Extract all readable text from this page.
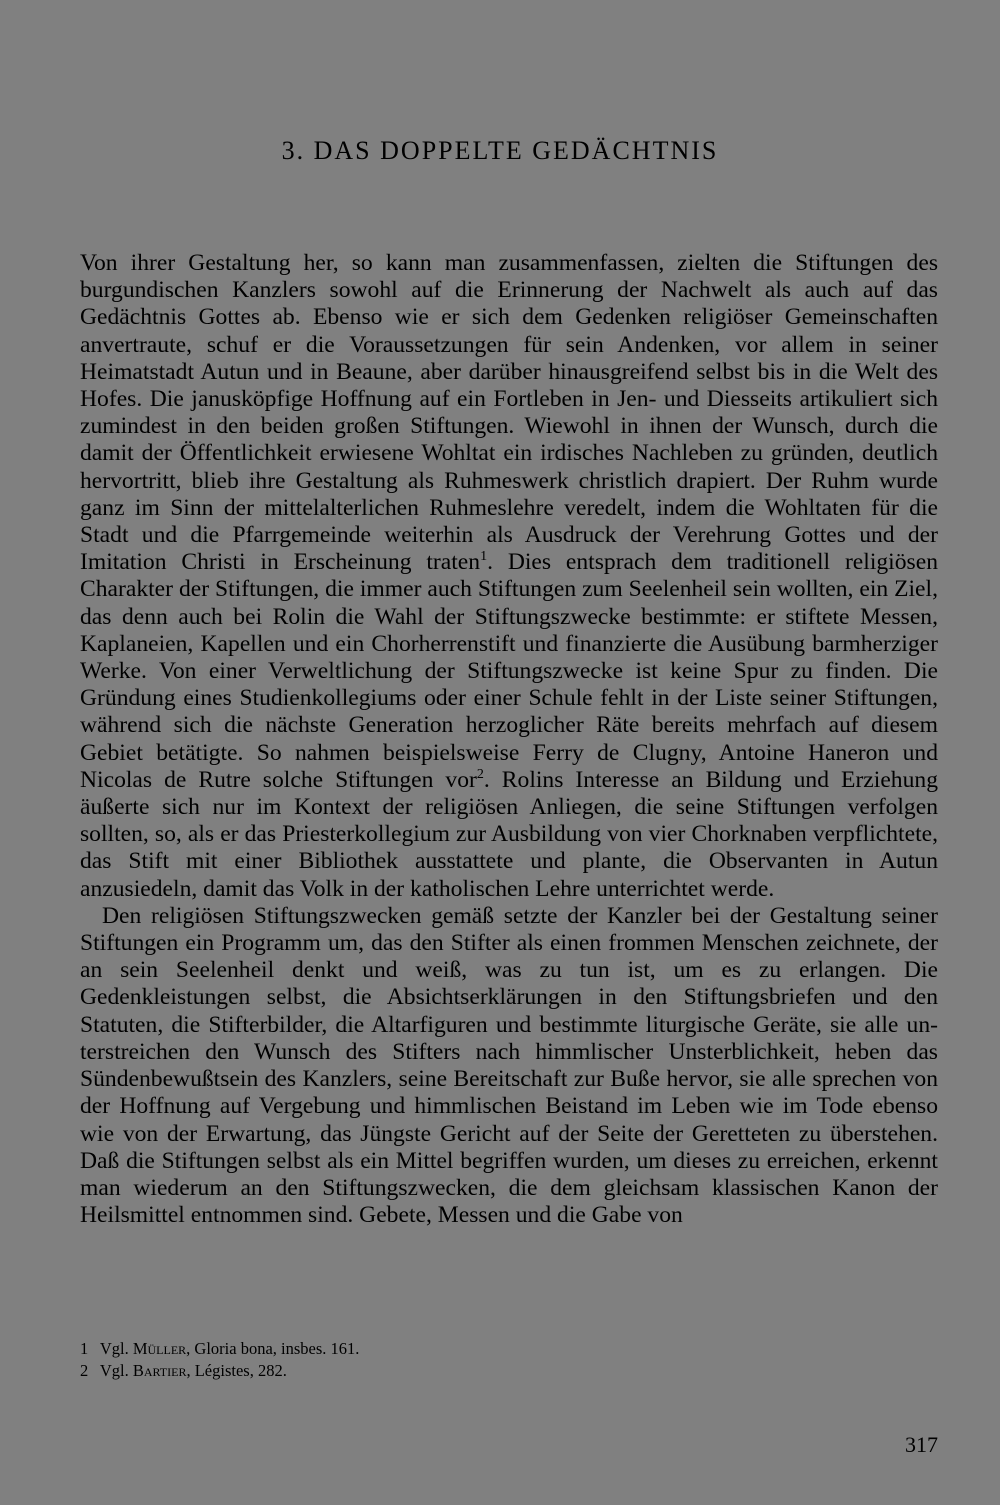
3. DAS DOPPELTE GEDÄCHTNIS

Von ihrer Gestaltung her, so kann man zusammenfassen, zielten die Stiftungen des burgundischen Kanzlers sowohl auf die Erinnerung der Nachwelt als auch auf das Gedächtnis Gottes ab. Ebenso wie er sich dem Gedenken religiöser Gemeinschaften anvertraute, schuf er die Voraussetzungen für sein Andenken, vor allem in seiner Heimatstadt Autun und in Beaune, aber darüber hinausgreifend selbst bis in die Welt des Hofes. Die janusköpfige Hoffnung auf ein Fortleben in Jen- und Diesseits artikuliert sich zumindest in den beiden großen Stiftungen. Wiewohl in ihnen der Wunsch, durch die damit der Öffentlichkeit erwiesene Wohltat ein irdisches Nachleben zu gründen, deutlich hervortritt, blieb ihre Gestaltung als Ruhmeswerk christlich drapiert. Der Ruhm wurde ganz im Sinn der mittelalterlichen Ruhmeslehre veredelt, indem die Wohltaten für die Stadt und die Pfarrgemeinde weiterhin als Ausdruck der Verehrung Gottes und der Imitation Christi in Erscheinung traten$^1$. Dies entsprach dem traditionell religiösen Charakter der Stiftungen, die immer auch Stiftungen zum Seelenheil sein wollten, ein Ziel, das denn auch bei Rolin die Wahl der Stiftungszwecke bestimmte: er stiftete Messen, Kaplaneien, Kapellen und ein Chorherrenstift und finanzierte die Ausübung barmherziger Werke. Von einer Verweltlichung der Stiftungszwecke ist keine Spur zu finden. Die Gründung eines Studienkollegiums oder einer Schule fehlt in der Liste seiner Stiftungen, während sich die nächste Generation herzoglicher Räte bereits mehrfach auf diesem Gebiet betätigte. So nahmen beispielsweise Ferry de Clugny, Antoine Haneron und Nicolas de Rutre solche Stiftungen vor$^2$. Rolins Interesse an Bildung und Erziehung äußerte sich nur im Kontext der religiösen Anliegen, die seine Stiftungen verfolgen sollten, so, als er das Priesterkollegium zur Ausbildung von vier Chorknaben verpflichtete, das Stift mit einer Bibliothek ausstattete und plante, die Observanten in Autun anzusiedeln, damit das Volk in der katholischen Lehre unterrichtet werde.

Den religiösen Stiftungszwecken gemäß setzte der Kanzler bei der Gestaltung seiner Stiftungen ein Programm um, das den Stifter als einen frommen Menschen zeichnete, der an sein Seelenheil denkt und weiß, was zu tun ist, um es zu erlangen. Die Gedenkleistungen selbst, die Absichtserklärungen in den Stiftungsbriefen und den Statuten, die Stifterbilder, die Altarfiguren und bestimmte liturgische Geräte, sie alle unterstreichen den Wunsch des Stifters nach himmlischer Unsterblichkeit, heben das Sündenbewußtsein des Kanzlers, seine Bereitschaft zur Buße hervor, sie alle sprechen von der Hoffnung auf Vergebung und himmlischen Beistand im Leben wie im Tode ebenso wie von der Erwartung, das Jüngste Gericht auf der Seite der Geretteten zu überstehen. Daß die Stiftungen selbst als ein Mittel begriffen wurden, um dieses zu erreichen, erkennt man wiederum an den Stiftungszwecken, die dem gleichsam klassischen Kanon der Heilsmittel entnommen sind. Gebete, Messen und die Gabe von

1 Vgl. Müller, Gloria bona, insbes. 161.

2 Vgl. Bartier, Légistes, 282.

317
